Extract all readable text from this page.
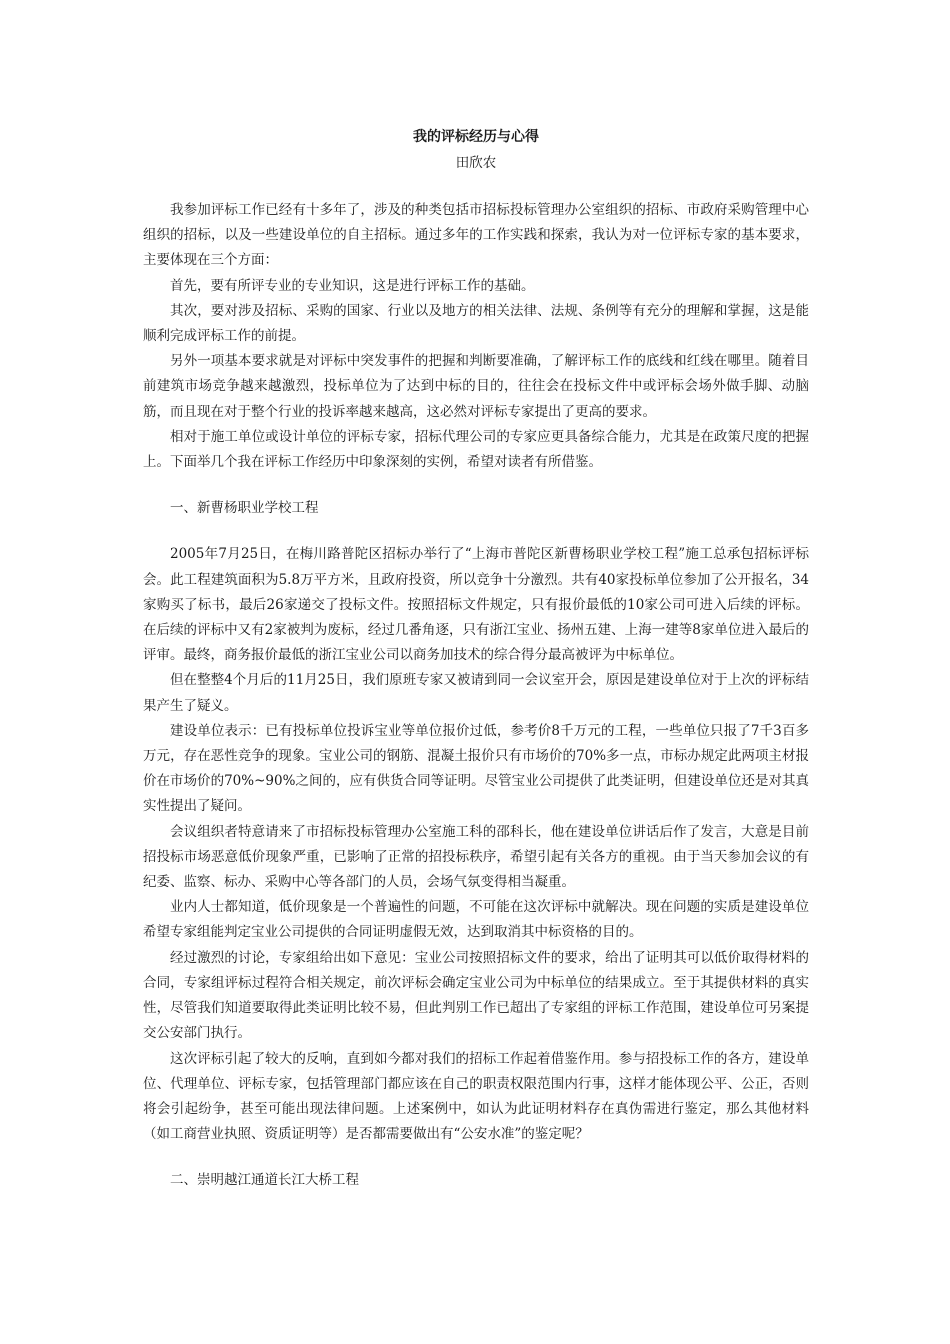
我的评标经历与心得

田欣农

我参加评标工作已经有十多年了，涉及的种类包括市招标投标管理办公室组织的招标、市政府采购管理中心组织的招标，以及一些建设单位的自主招标。通过多年的工作实践和探索，我认为对一位评标专家的基本要求，主要体现在三个方面：

首先，要有所评专业的专业知识，这是进行评标工作的基础。

其次，要对涉及招标、采购的国家、行业以及地方的相关法律、法规、条例等有充分的理解和掌握，这是能顺利完成评标工作的前提。

另外一项基本要求就是对评标中突发事件的把握和判断要准确，了解评标工作的底线和红线在哪里。随着目前建筑市场竞争越来越激烈，投标单位为了达到中标的目的，往往会在投标文件中或评标会场外做手脚、动脑筋，而且现在对于整个行业的投诉率越来越高，这必然对评标专家提出了更高的要求。

相对于施工单位或设计单位的评标专家，招标代理公司的专家应更具备综合能力，尤其是在政策尺度的把握上。下面举几个我在评标工作经历中印象深刻的实例，希望对读者有所借鉴。

一、新曹杨职业学校工程

2005年7月25日，在梅川路普陀区招标办举行了“上海市普陀区新曹杨职业学校工程”施工总承包招标评标会。此工程建筑面积为5.8万平方米，且政府投资，所以竞争十分激烈。共有40家投标单位参加了公开报名，34家购买了标书，最后26家递交了投标文件。按照招标文件规定，只有报价最低的10家公司可进入后续的评标。在后续的评标中又有2家被判为废标，经过几番角逐，只有浙江宝业、扬州五建、上海一建等8家单位进入最后的评审。最终，商务报价最低的浙江宝业公司以商务加技术的综合得分最高被评为中标单位。

但在整整4个月后的11月25日，我们原班专家又被请到同一会议室开会，原因是建设单位对于上次的评标结果产生了疑义。

建设单位表示：已有投标单位投诉宝业等单位报价过低，参考价8千万元的工程，一些单位只报了7千3百多万元，存在恶性竞争的现象。宝业公司的钢筋、混凝土报价只有市场价的70%多一点，市标办规定此两项主材报价在市场价的70%~90%之间的，应有供货合同等证明。尽管宝业公司提供了此类证明，但建设单位还是对其真实性提出了疑问。

会议组织者特意请来了市招标投标管理办公室施工科的邵科长，他在建设单位讲话后作了发言，大意是目前招投标市场恶意低价现象严重，已影响了正常的招投标秩序，希望引起有关各方的重视。由于当天参加会议的有纪委、监察、标办、采购中心等各部门的人员，会场气氛变得相当凝重。

业内人士都知道，低价现象是一个普遍性的问题，不可能在这次评标中就解决。现在问题的实质是建设单位希望专家组能判定宝业公司提供的合同证明虚假无效，达到取消其中标资格的目的。

经过激烈的讨论，专家组给出如下意见：宝业公司按照招标文件的要求，给出了证明其可以低价取得材料的合同，专家组评标过程符合相关规定，前次评标会确定宝业公司为中标单位的结果成立。至于其提供材料的真实性，尽管我们知道要取得此类证明比较不易，但此判别工作已超出了专家组的评标工作范围，建设单位可另案提交公安部门执行。

这次评标引起了较大的反响，直到如今都对我们的招标工作起着借鉴作用。参与招投标工作的各方，建设单位、代理单位、评标专家，包括管理部门都应该在自己的职责权限范围内行事，这样才能体现公平、公正，否则将会引起纷争，甚至可能出现法律问题。上述案例中，如认为此证明材料存在真伪需进行鉴定，那么其他材料（如工商营业执照、资质证明等）是否都需要做出有“公安水准”的鉴定呢？

二、崇明越江通道长江大桥工程
